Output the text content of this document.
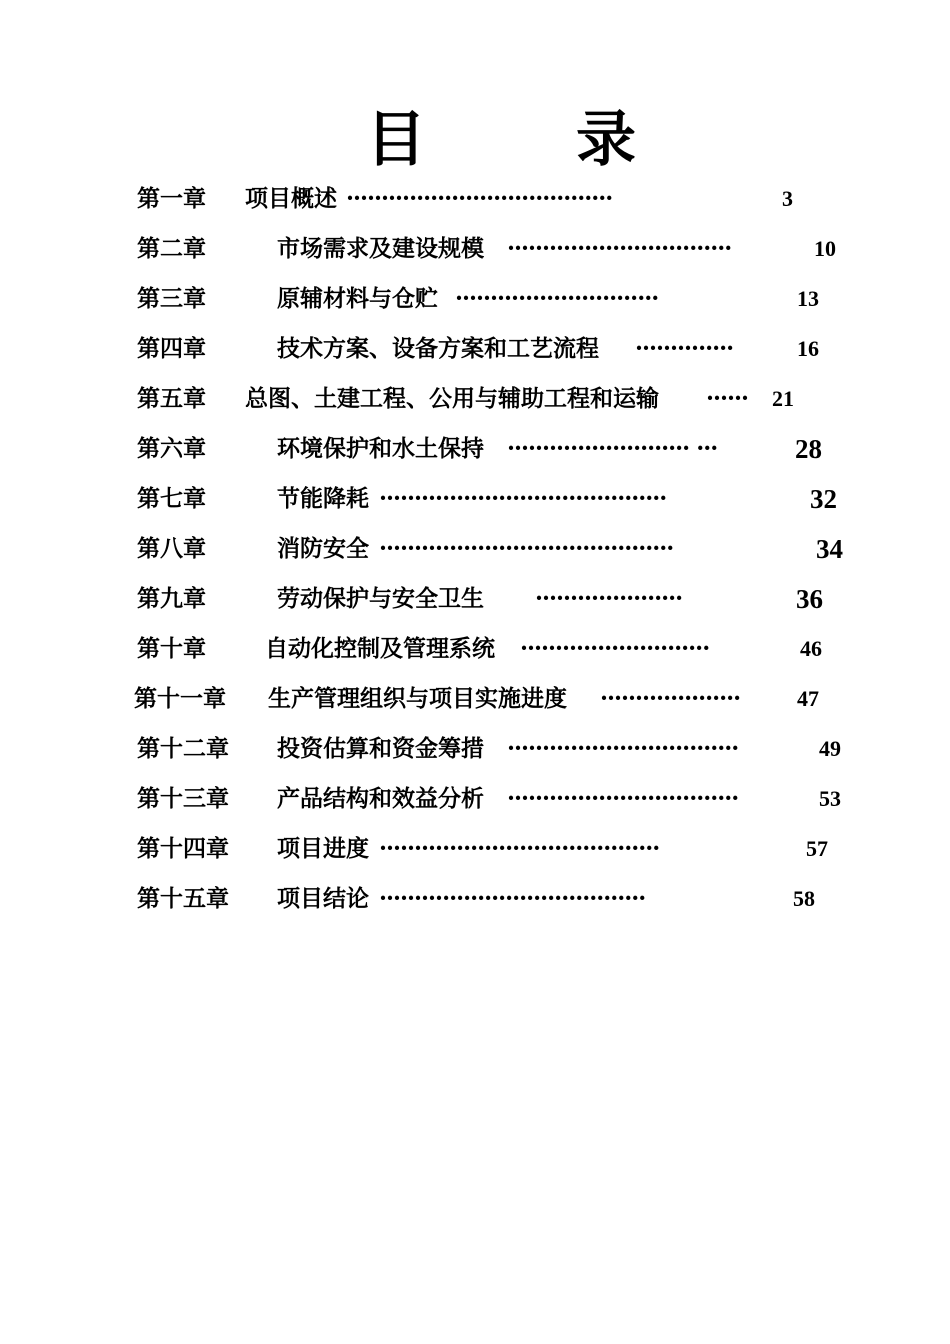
目	录
第一章 项目概述 ······································	3
第二章	市场需求及建设规模 ································	10
第三章	原辅材料与仓贮 ·····························	13
第四章	技术方案、设备方案和工艺流程 ··············	16
第五章 总图、土建工程、公用与辅助工程和运输 ······	21
第六章	环境保护和水土保持 ·························· ···	28
第七章	节能降耗 ·········································	32
第八章	消防安全 ··········································	34
第九章	劳动保护与安全卫生 ·····················	36
第十章	自动化控制及管理系统 ···························	46
第十一章 生产管理组织与项目实施进度 ····················	47
第十二章 投资估算和资金筹措 ·································	49
第十三章 产品结构和效益分析 ·································	53
第十四章 项目进度 ········································	57
第十五章 项目结论 ······································	58
